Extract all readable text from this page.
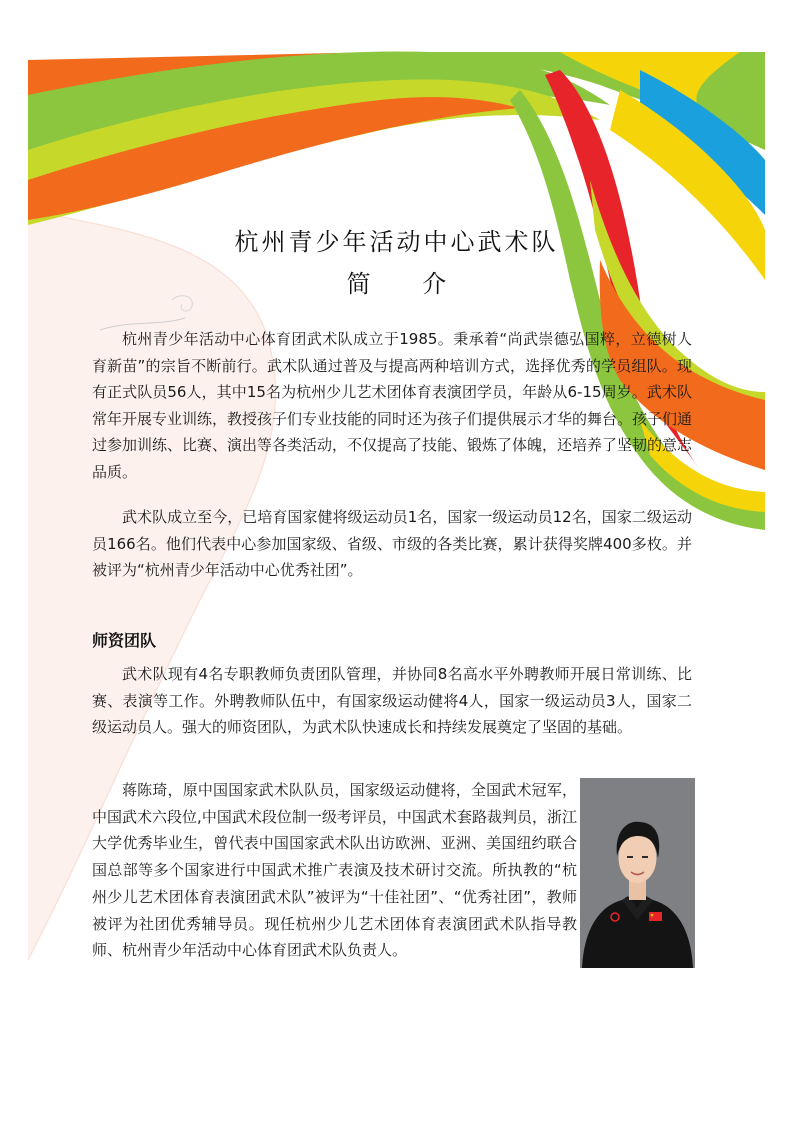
杭州青少年活动中心武术队
简 介

杭州青少年活动中心体育团武术队成立于1985。秉承着“尚武崇德弘国粹，立德树人育新苗”的宗旨不断前行。武术队通过普及与提高两种培训方式，选择优秀的学员组队。现有正式队员56人，其中15名为杭州少儿艺术团体育表演团学员，年龄从6-15周岁。武术队常年开展专业训练，教授孩子们专业技能的同时还为孩子们提供展示才华的舞台。孩子们通过参加训练、比赛、演出等各类活动，不仅提高了技能、锻炼了体魄，还培养了坚韧的意志品质。

武术队成立至今，已培育国家健将级运动员1名，国家一级运动员12名，国家二级运动员166名。他们代表中心参加国家级、省级、市级的各类比赛，累计获得奖牌400多枚。并被评为“杭州青少年活动中心优秀社团”。

师资团队

武术队现有4名专职教师负责团队管理，并协同8名高水平外聘教师开展日常训练、比赛、表演等工作。外聘教师队伍中，有国家级运动健将4人，国家一级运动员3人，国家二级运动员人。强大的师资团队，为武术队快速成长和持续发展奠定了坚固的基础。

蒋陈琦，原中国国家武术队队员，国家级运动健将，全国武术冠军，中国武术六段位,中国武术段位制一级考评员，中国武术套路裁判员，浙江大学优秀毕业生，曾代表中国国家武术队出访欧洲、亚洲、美国纽约联合国总部等多个国家进行中国武术推广表演及技术研讨交流。所执教的“杭州少儿艺术团体育表演团武术队”被评为“十佳社团”、“优秀社团”，教师被评为社团优秀辅导员。现任杭州少儿艺术团体育表演团武术队指导教师、杭州青少年活动中心体育团武术队负责人。
